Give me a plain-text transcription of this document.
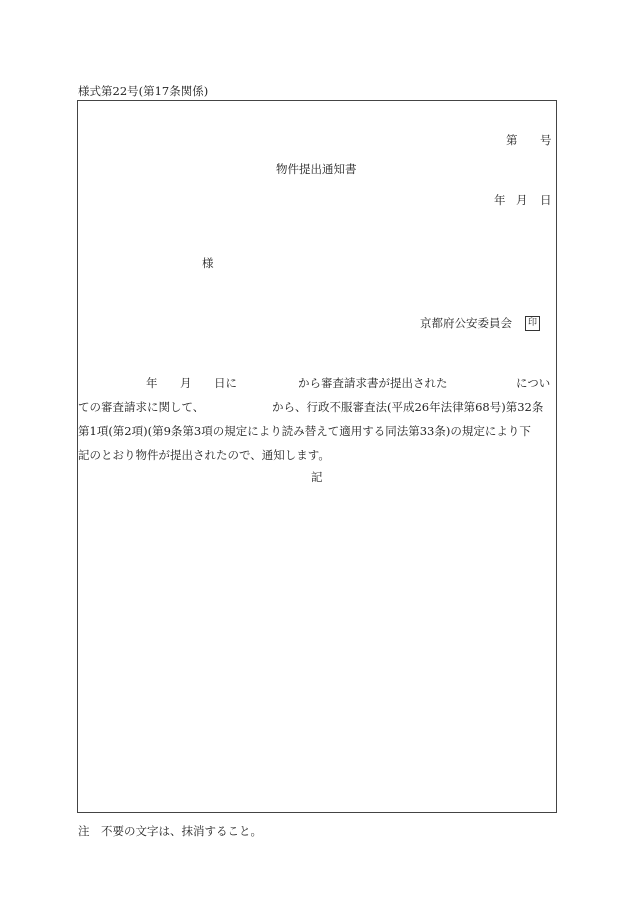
様式第22号(第17条関係)
第 号
物件提出通知書
年 月 日
様
京都府公安委員会	印
年 月 日に	から審査請求書が提出された	につい
ての審査請求に関して、	から、行政不服審査法(平成26年法律第68号)第32条
第1項(第2項)(第9条第3項の規定により読み替えて適用する同法第33条)の規定により下
記のとおり物件が提出されたので、通知します。
記
注　不要の文字は、抹消すること。
